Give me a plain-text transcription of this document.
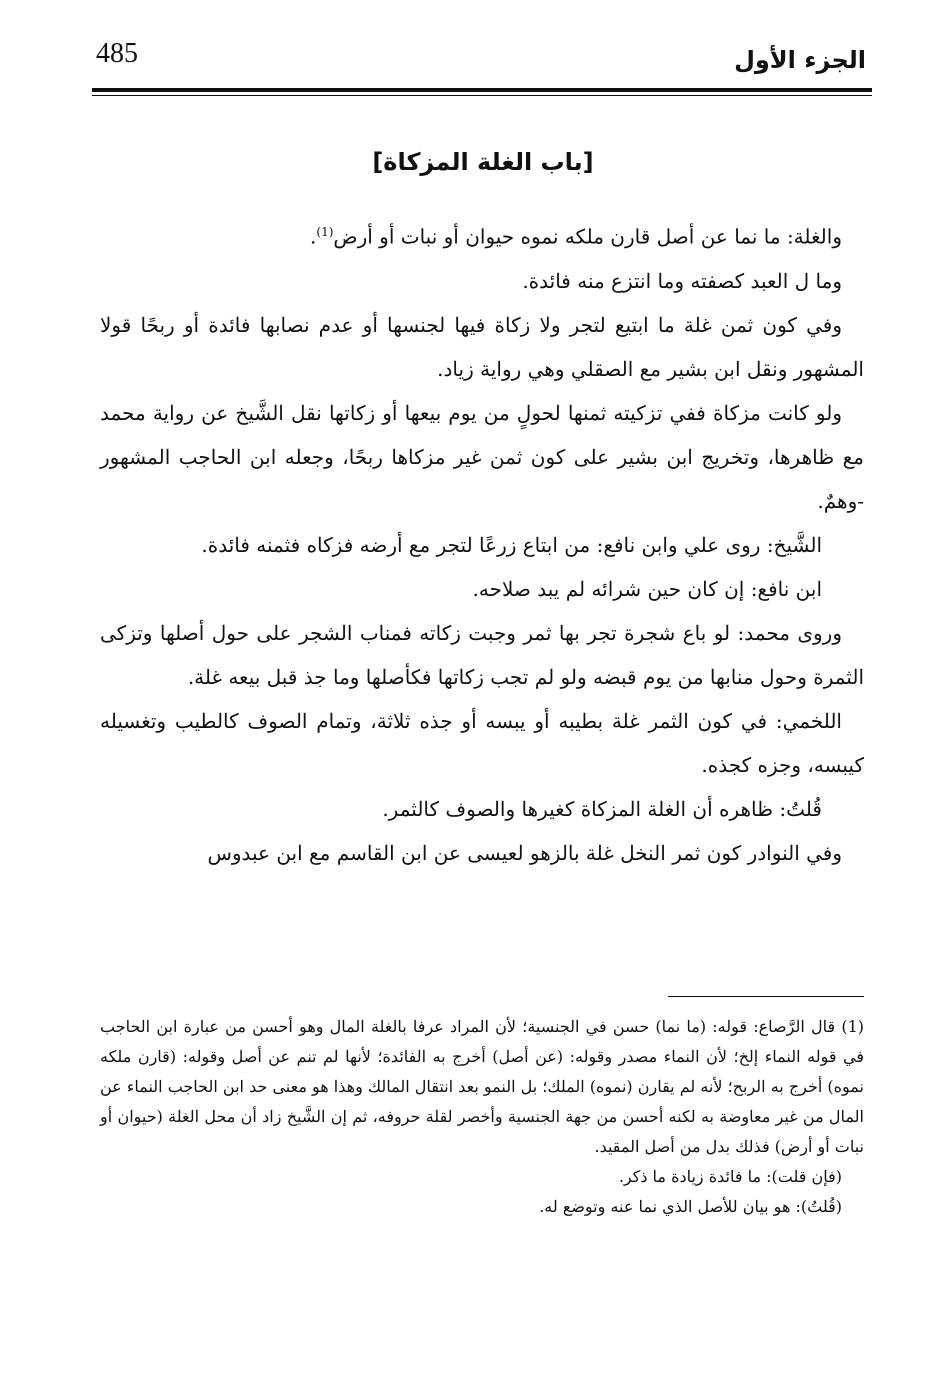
485	الجزء الأول
[باب الغلة المزكاة]

والغلة: ما نما عن أصل قارن ملكه نموه حيوان أو نبات أو أرض$^{(1)}$.

وما ل العبد كصفته وما انتزع منه فائدة.

وفي كون ثمن غلة ما ابتيع لتجر ولا زكاة فيها لجنسها أو عدم نصابها فائدة أو ربحًا قولا المشهور ونقل ابن بشير مع الصقلي وهي رواية زياد.

ولو كانت مزكاة ففي تزكيته ثمنها لحولٍ من يوم بيعها أو زكاتها نقل الشَّيخ عن رواية محمد مع ظاهرها، وتخريج ابن بشير على كون ثمن غير مزكاها ربحًا، وجعله ابن الحاجب المشهور -وهمٌ.

الشَّيخ: روى علي وابن نافع: من ابتاع زرعًا لتجر مع أرضه فزكاه فثمنه فائدة.

ابن نافع: إن كان حين شرائه لم يبد صلاحه.

وروى محمد: لو باع شجرة تجر بها ثمر وجبت زكاته فمناب الشجر على حول أصلها وتزكى الثمرة وحول منابها من يوم قبضه ولو لم تجب زكاتها فكأصلها وما جذ قبل بيعه غلة.

اللخمي: في كون الثمر غلة بطيبه أو يبسه أو جذه ثلاثة، وتمام الصوف كالطيب وتغسيله كيبسه، وجزه كجذه.

قُلتُ: ظاهره أن الغلة المزكاة كغيرها والصوف كالثمر.

وفي النوادر كون ثمر النخل غلة بالزهو لعيسى عن ابن القاسم مع ابن عبدوس

(1) قال الرَّصاع: قوله: (ما نما) حسن في الجنسية؛ لأن المراد عرفا بالغلة المال وهو أحسن من عبارة ابن الحاجب في قوله النماء إلخ؛ لأن النماء مصدر وقوله: (عن أصل) أخرج به الفائدة؛ لأنها لم تنم عن أصل وقوله: (قارن ملكه نموه) أخرج به الربح؛ لأنه لم يقارن (نموه) الملك؛ بل النمو بعد انتقال المالك وهذا هو معنى حد ابن الحاجب النماء عن المال من غير معاوضة به لكنه أحسن من جهة الجنسية وأخصر لقلة حروفه، ثم إن الشَّيخ زاد أن محل الغلة (حيوان أو نبات أو أرض) فذلك بدل من أصل المقيد.

(فإن قلت): ما فائدة زيادة ما ذكر.

(قُلتُ): هو بيان للأصل الذي نما عنه وتوضع له.
